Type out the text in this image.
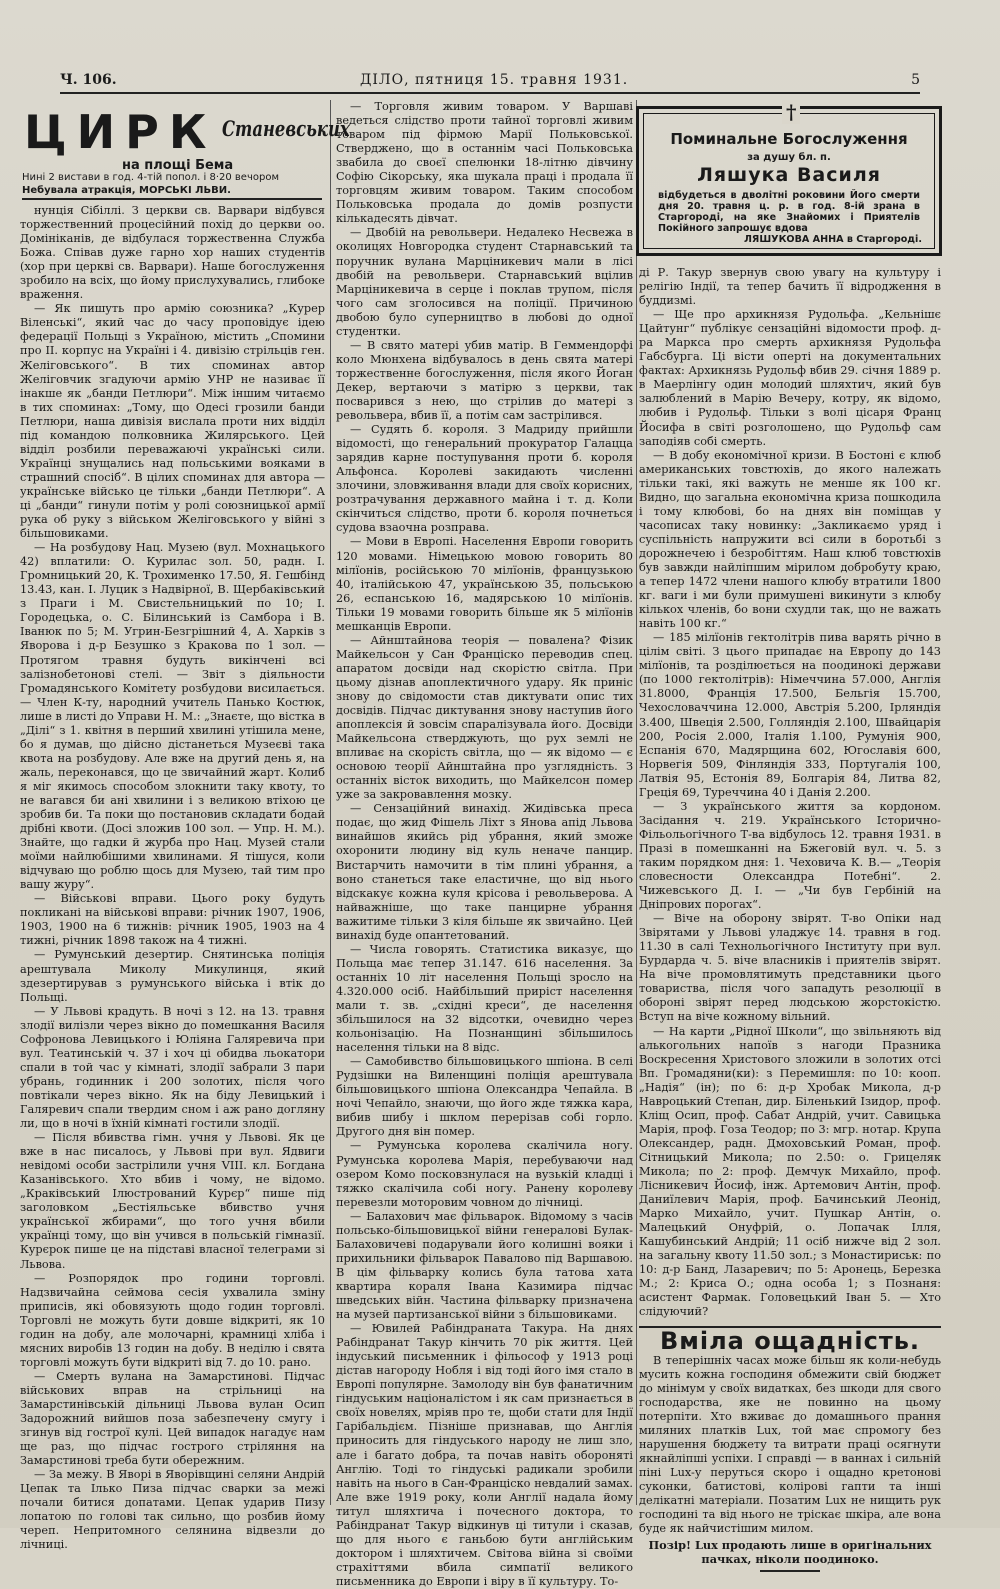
Ч. 106.	ДІЛО, пятниця 15. травня 1931.	5
ЦИРК Станевських
на площі Бема
Нині 2 вистави в год. 4-тій попол. і 8·20 вечором
Небувала атракція, МОРСЬКІ ЛЬВИ.

нунція Сібіллі. З церкви св. Варвари відбувся торжественний процесійний похід до церкви оо. Домініканів, де відбулася торжественна Служба Божа. Співав дуже гарно хор наших студентів (хор при церкві св. Варвари). Наше богослуження зробило на всіх, що йому прислухувались, глибоке враження.

— Як пишуть про армію союзника? „Курер Віленські“, який час до часу проповідує ідею федерації Польщі з Україною, містить „Спомини про II. корпус на Україні і 4. дивізію стрільців ген. Желіговського“. В тих споминах автор Желіговчик згадуючи армію УНР не називає її інакше як „банди Петлюри“. Між іншим читаємо в тих споминах: „Тому, що Одесі грозили банди Петлюри, наша дивізія вислала проти них відділ під командою полковника Жилярського. Цей відділ розбили переважаючі українські сили. Українці знущались над польськими вояками в страшний спосіб“. В цілих споминах для автора — українське військо це тільки „банди Петлюри“. А ці „банди“ гинули потім у ролі союзницької армії рука об руку з військом Желіговського у війні з більшовиками.

— На розбудову Нац. Музею (вул. Мохнацького 42) вплатили: О. Курилас зол. 50, радн. І. Громницький 20, К. Трохименко 17.50, Я. Гешбінд 13.43, кан. І. Луцик з Надвірної, В. Щербаківський з Праги і М. Свистельницький по 10; І. Городецька, о. С. Білинський із Самбора і В. Іванюк по 5; М. Угрин-Безгрішний 4, А. Харків з Яворова і д-р Безушко з Кракова по 1 зол. — Протягом травня будуть викінчені всі залізнобетонові стелі. — Звіт з діяльности Громадянського Комітету розбудови висилається. — Член К-ту, народний учитель Панько Костюк, лише в листі до Управи Н. М.: „Знаєте, що вістка в „Ділі“ з 1. квітня в перший хвилині утішила мене, бо я думав, що дійсно дістанеться Музеєві така квота на розбудову. Але вже на другий день я, на жаль, переконався, що це звичайний жарт. Колиб я міг якимось способом злокнити таку квоту, то не вагався би ані хвилини і з великою втіхою це зробив би. Та поки що постановив складати бодай дрібні квоти. (Досі зложив 100 зол. — Упр. Н. М.). Знайте, що гадки й журба про Нац. Музей стали моїми найлюбішими хвилинами. Я тішуся, коли відчуваю що роблю щось для Музею, тай тим про вашу журу“.

— Військові вправи. Цього року будуть покликані на військові вправи: річник 1907, 1906, 1903, 1900 на 6 тижнів: річник 1905, 1903 на 4 тижні, річник 1898 також на 4 тижні.

— Румунський дезертир. Снятинська поліція арештувала Миколу Микулинця, який здезертирував з румунського війська і втік до Польщі.

— У Львові крадуть. В ночі з 12. на 13. травня злодії вилізли через вікно до помешкання Василя Софронова Левицького і Юліяна Галяревича при вул. Театинській ч. 37 і хоч ці обидва льокатори спали в той час у кімнаті, злодії забрали 3 пари убрань, годинник і 200 золотих, після чого повтікали через вікно. Як на біду Левицький і Галяревич спали твердим сном і аж рано догляну ли, що в ночі в їхній кімнаті гостили злодії.

— Після вбивства гімн. учня у Львові. Як це вже в нас писалось, у Львові при вул. Ядвиги невідомі особи застрілили учня VIII. кл. Богдана Казанівського. Хто вбив і чому, не відомо. „Краківський Ілюстрований Курєр“ пише під заголовком „Бестіяльське вбивство учня української жбирами“, що того учня вбили українці тому, що він учився в польській гімназії. Курєрок пише це на підставі власної телеграми зі Львова.

— Розпорядок про години торговлі. Надзвичайна сеймова сесія ухвалила зміну приписів, які обовязують щодо годин торговлі. Торговлі не можуть бути довше відкриті, як 10 годин на добу, але молочарні, крамниці хліба і мясних виробів 13 годин на добу. В неділю і свята торговлі можуть бути відкриті від 7. до 10. рано.

— Смерть вулана на Замарстинові. Підчас військових вправ на стрільниці на Замарстинівській дільниці Львова вулан Осип Задорожний вийшов поза забезпечену смугу і згинув від гострої кулі. Цей випадок нагадує нам ще раз, що підчас гострого стріляння на Замарстинові треба бути обережним.

— За межу. В Яворі в Яворівщині селяни Андрій Цепак та Ілько Пиза підчас сварки за межі почали битися допатами. Цепак ударив Пизу лопатою по голові так сильно, що розбив йому череп. Непритомного селянина відвезли до лічниці.

— Торговля живим товаром. У Варшаві ведеться слідство проти тайної торговлі живим товаром під фірмою Марії Польковської. Стверджено, що в останнім часі Польковська звабила до своєї спелюнки 18-літню дівчину Софію Сікорську, яка шукала праці і продала її торговцям живим товаром. Таким способом Польковська продала до домів розпусти кількадесять дівчат.

— Двобій на револьвери. Недалеко Несвежа в околицях Новгородка студент Старнавський та поручник вулана Марціникевич мали в лісі двобій на револьвери. Старнавський вцілив Марціникевича в серце і поклав трупом, після чого сам зголосився на поліції. Причиною двобою було суперництво в любові до одної студентки.

— В свято матері убив матір. В Геммендорфі коло Мюнхена відбувалось в день свята матері торжественне богослуження, після якого Йоган Декер, вертаючи з матірю з церкви, так посварився з нею, що стрілив до матері з револьвера, вбив її, а потім сам застрілився.

— Судять б. короля. З Мадриду прийшли відомості, що генеральний прокуратор Галацца зарядив карне поступування проти б. короля Альфонса. Королеві закидають численні злочини, зловживання влади для своїх корисних, розтрачування державного майна і т. д. Коли скінчиться слідство, проти б. короля почнеться судова взаочна розправа.

— Мови в Европі. Населення Европи говорить 120 мовами. Німецькою мовою говорить 80 мілїонів, російською 70 мілїонів, французькою 40, італійською 47, українською 35, польською 26, еспанською 16, мадярською 10 мілїонів. Тільки 19 мовами говорить більше як 5 мілїонів мешканців Европи.

— Айнштайнова теорія — повалена? Фізик Майкельсон у Сан Франціско переводив спец. апаратом досвіди над скорістю світла. При цьому дізнав апоплектичного удару. Як приніс знову до свідомости став диктувати опис тих досвідів. Підчас диктування знову наступив його апоплексія й зовсім спаралізувала його. Досвіди Майкельсона стверджують, що рух землі не впливає на скорість світла, що — як відомо — є основою теорії Айнштайна про узглядність. З останніх вісток виходить, що Майкелсон помер уже за закровавлення мозку.

— Сензаційний винахід. Жидівська преса подає, що жид Фішель Ліхт з Янова апід Львова винайшов якийсь рід убрання, який зможе охоронити людину від куль неначе панцир. Вистарчить намочити в тім плині убрання, а воно станеться таке еластичне, що від нього відскакує кожна куля крісова і револьверова. А найважніше, що таке панцирне убрання важитиме тільки 3 кіля більше як звичайно. Цей винахід буде опантетований.

— Числа говорять. Статистика виказує, що Польща має тепер 31.147. 616 населення. За останніх 10 літ населення Польщі зросло на 4.320.000 осіб. Найбільший приріст населення мали т. зв. „східні креси“, де населення збільшилося на 32 відсотки, очевидно через кольонізацію. На Познанщині збільшилось населення тільки на 8 відс.

— Самобивство більшовицького шпіона. В селі Рудзішки на Виленщині поліція арештувала більшовицького шпіона Олександра Чепайла. В ночі Чепайло, знаючи, що його жде тяжка кара, вибив шибу і шклом перерізав собі горло. Другого дня він помер.

— Румунська королева скалічила ногу. Румунська королева Марія, перебуваючи над озером Комо посковзнулася на вузькій кладці і тяжко скалічила собі ногу. Ранену королеву перевезли моторовим човном до лічниці.

— Балахович має фільварок. Відомому з часів польсько-більшовицької війни генералові Булак-Балаховичеві подарували його колишні вояки і прихильники фільварок Павалово під Варшавою. В цім фільварку колись була татова хата квартира кораля Івана Казимира підчас шведських війн. Частина фільварку призначена на музей партизанської війни з більшовиками.

— Ювилей Рабіндраната Такура. На днях Рабіндранат Такур кінчить 70 рік життя. Цей індуський письменник і фільософ у 1913 році дістав нагороду Нобля і від тоді його імя стало в Европі популярне. Замолоду він був фанатичним гіндуським націоналістом і як сам признається в своїх новелях, мріяв про те, щоби стати для Індії Гарібальдієм. Пізніше признавав, що Англія приносить для гіндуського народу не лиш зло, але і багато добра, та почав навіть оборонятi Англію. Тоді то гіндуські радикали зробили навіть на нього в Сан-Франціско невдалий замах. Але вже 1919 року, коли Англії надала йому титул шляхтича і почесного доктора, то Рабіндранат Такур відкинув ці титули і сказав, що для нього є ганьбою бути англійським доктором і шляхтичем. Світова війна зі своїми страхіттями вбила симпатії великого письменника до Европи і віру в її культуру. То-

†
Поминальне Богослуження
за душу бл. п.
Ляшука Василя
відбудеться в дволітні роковини Його смерти дня 20. травня ц. р. в год. 8-ій зрана в Старгороді, на яке Знайомих і Приятелів Покійного запрошує вдова
ЛЯШУКОВА АННА в Старгороді.

ді Р. Такур звернув свою увагу на культуру і релігію Індії, та тепер бачить її відродження в буддизмі.

— Ще про архикнязя Рудольфа. „Кельнішє Цайтунг“ публікує сензаційні відомости проф. д-ра Маркса про смерть архикнязя Рудольфа Габсбурга. Ці вісти оперті на документальних фактах: Архикнязь Рудольф вбив 29. січня 1889 р. в Маерлінгу один молодий шляхтич, який був залюблений в Марію Вечеру, котру, як відомо, любив і Рудольф. Тільки з волі цісаря Франц Йосифа в світі розголошено, що Рудольф сам заподіяв собі смерть.

— В добу економічної кризи. В Бостоні є клюб американських товстюхів, до якого належать тільки такі, які важуть не менше як 100 кг. Видно, що загальна економічна криза пошкодила і тому клюбові, бо на днях він поміщав у часописах таку новинку: „Закликаємо уряд і суспільність напружити всі сили в боротьбі з дорожнечею і безробіттям. Наш клюб товстюхів був завжди найліпшим мірилом добробуту краю, а тепер 1472 члени нашого клюбу втратили 1800 кг. ваги і ми були примушені викинути з клюбу кількох членів, бо вони схудли так, що не важать навіть 100 кг.“

— 185 мілїонів гектолітрів пива варять річно в цілім світі. З цього припадає на Европу до 143 мілїонів, та розділюється на поодинокі держави (по 1000 гектолітрів): Німеччина 57.000, Англія 31.8000, Франція 17.500, Бельгія 15.700, Чехословаччина 12.000, Австрія 5.200, Ірляндія 3.400, Швеція 2.500, Голляндія 2.100, Швайцарія 200, Росія 2.000, Італія 1.100, Румунія 900, Еспанія 670, Мадярщина 602, Югославія 600, Норвегія 509, Фінляндія 333, Португалія 100, Латвія 95, Естонія 89, Болгарія 84, Литва 82, Греція 69, Туреччина 40 і Данія 2.200.

— З українського життя за кордоном. Засідання ч. 219. Українського Історично-Фільольогічного Т-ва відбулось 12. травня 1931. в Празі в помешканні на Бжеговій вул. ч. 5. з таким порядком дня: 1. Чеховича К. В.— „Теорія словесности Олександра Потебні“. 2. Чижевського Д. І. — „Чи був Гербіній на Дніпрових порогах“.

— Віче на оборону звірят. Т-во Опіки над Звірятами у Львові уладжує 14. травня в год. 11.30 в салі Технольогічного Інституту при вул. Бурдарда ч. 5. віче власників і приятелів звірят. На віче промовлятимуть представники цього товариства, після чого западуть резолюції в обороні звірят перед людською жорстокістю. Вступ на віче кожному вільний.

— На карти „Рідної Школи“, що звільняють від алькогольних напоїв з нагоди Празника Воскресення Христового зложили в золотих отсі Вп. Громадяни(ки): з Перемишля: по 10: кооп. „Надія“ (ін); по 6: д-р Хробак Микола, д-р Навроцький Степан, дир. Біленький Ізидор, проф. Кліщ Осип, проф. Сабат Андрій, учит. Савицька Марія, проф. Гоза Теодор; по 3: мгр. нотар. Крупа Олександер, радн. Дмоховський Роман, проф. Сітницький Микола; по 2.50: о. Грицеляк Микола; по 2: проф. Демчук Михайло, проф. Лісникевич Йосиф, інж. Артемович Антін, проф. Даниїлевич Марія, проф. Бачинський Леонід, Марко Михайло, учит. Пушкар Антін, о. Малецький Онуфрій, о. Лопачак Ілля, Кашубинський Андрій; 11 осіб нижче від 2 зол. на загальну квоту 11.50 зол.; з Монастириськ: по 10: д-р Банд, Лазаревич; по 5: Аронець, Березка М.; 2: Криса О.; одна особа 1; з Познаня: асистент Фармак. Головецький Іван 5. — Хто слідуючий?

Вміла ощадність.

В теперішніх часах може більш як коли-небудь мусить кожна господиня обмежити свій бюджет до мінімум у своїх видатках, без шкоди для свого господарства, яке не повинно на цьому потерпіти. Хто вживає до домашнього прання миляних платків Lux, той має спромогу без нарушення бюджету та витрати праці осягнути якнайліпші успіхи. І справді — в ваннах і сильній піні Lux-у перуться скоро і ощадно кретонові суконки, батистові, колірові гапти та інші делікатні матеріали. Позатим Lux не нищить рук господині та від нього не тріскає шкіра, але вона буде як найчистішим милом.

Позір! Lux продають лише в оригінальних пачках, ніколи поодиноко.
